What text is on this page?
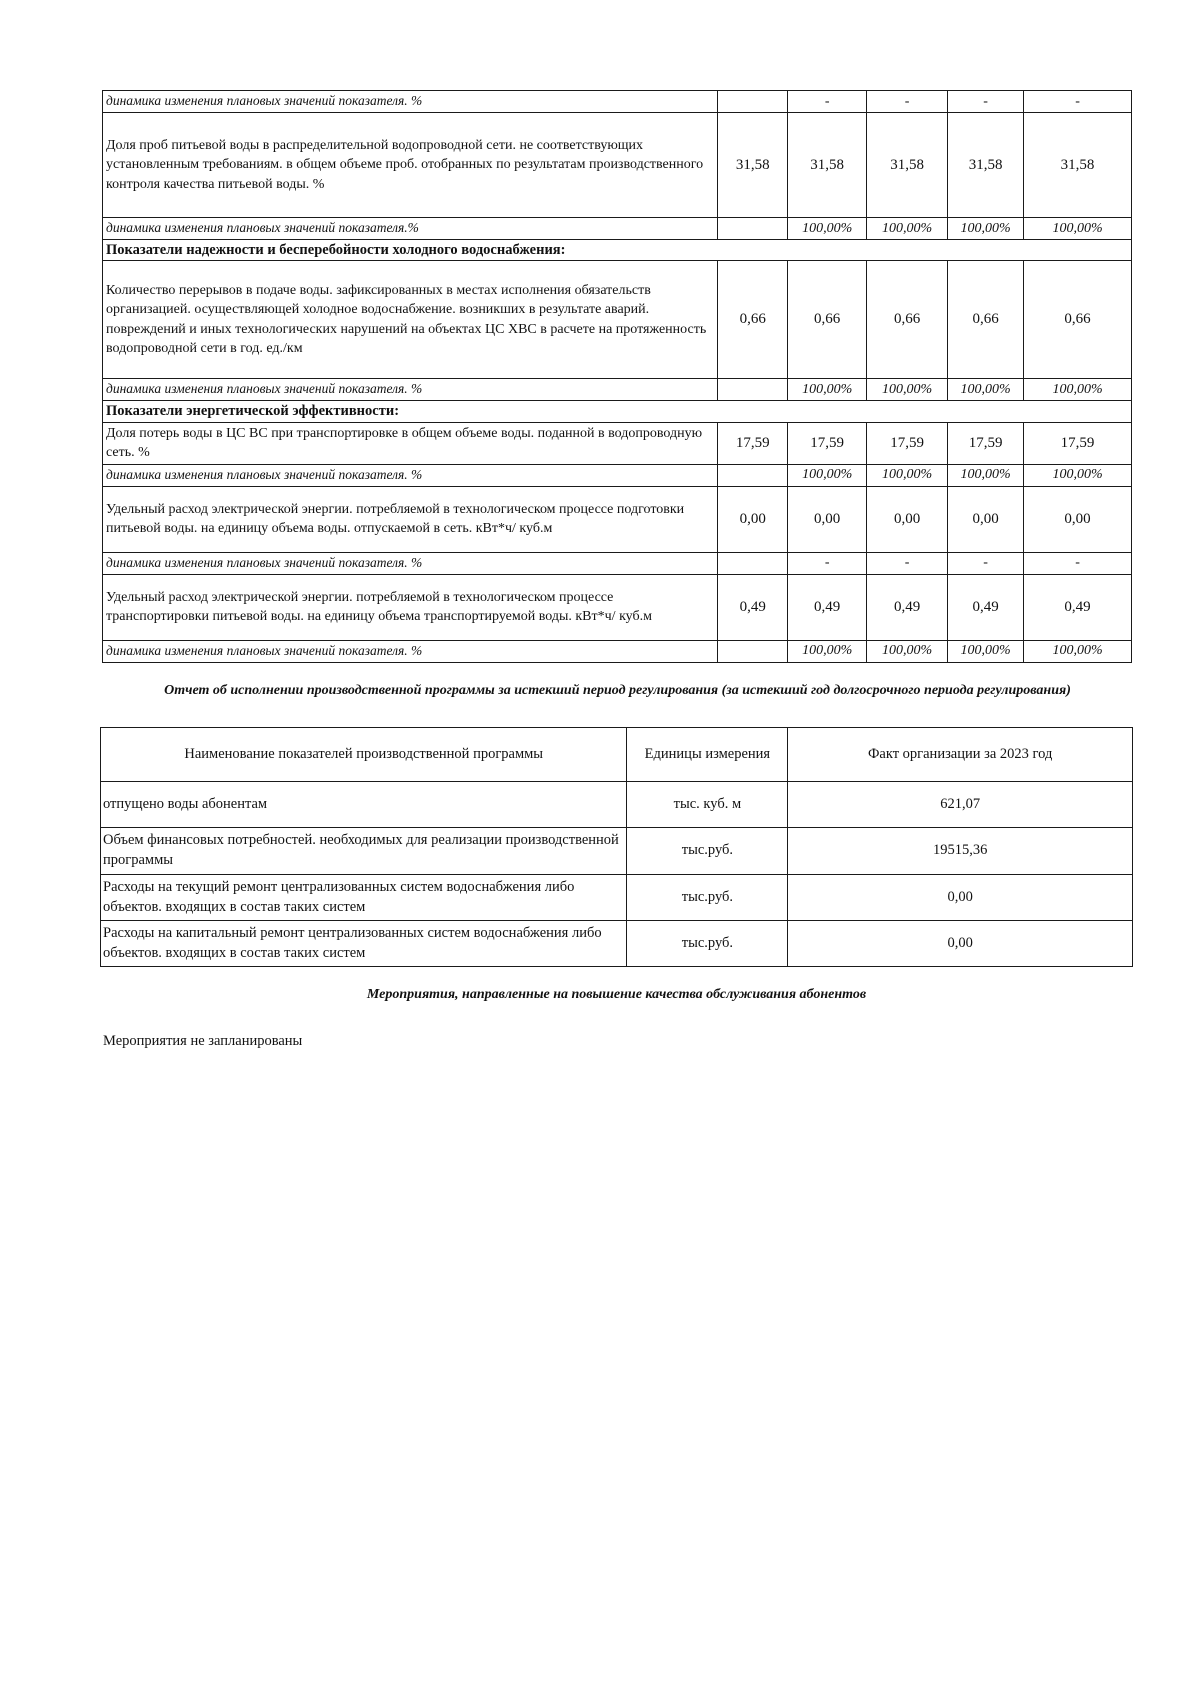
динамика изменения плановых значений показателя. %		-	-	-	-
Доля проб питьевой воды в распределительной водопроводной сети. не соответствующих установленным требованиям. в общем объеме проб. отобранных по результатам производственного контроля качества питьевой воды. %	31,58	31,58	31,58	31,58	31,58
динамика изменения плановых значений показателя.%		100,00%	100,00%	100,00%	100,00%
Показатели надежности и бесперебойности холодного водоснабжения:					
Количество перерывов в подаче воды. зафиксированных в местах исполнения обязательств организацией. осуществляющей холодное водоснабжение. возникших в результате аварий. повреждений и иных технологических нарушений на объектах ЦС ХВС в расчете на протяженность водопроводной сети в год. ед./км	0,66	0,66	0,66	0,66	0,66
динамика изменения плановых значений показателя. %		100,00%	100,00%	100,00%	100,00%
Показатели энергетической эффективности:					
Доля потерь воды в ЦС ВС при транспортировке в общем объеме воды. поданной в водопроводную сеть. %	17,59	17,59	17,59	17,59	17,59
динамика изменения плановых значений показателя. %		100,00%	100,00%	100,00%	100,00%
Удельный расход электрической энергии. потребляемой в технологическом процессе подготовки питьевой воды. на единицу объема воды. отпускаемой в сеть. кВт*ч/ куб.м	0,00	0,00	0,00	0,00	0,00
динамика изменения плановых значений показателя. %		-	-	-	-
Удельный расход электрической энергии. потребляемой в технологическом процессе транспортировки питьевой воды. на единицу объема транспортируемой воды. кВт*ч/ куб.м	0,49	0,49	0,49	0,49	0,49
динамика изменения плановых значений показателя. %		100,00%	100,00%	100,00%	100,00%
Отчет об исполнении производственной программы за истекший период регулирования (за истекший год долгосрочного периода регулирования)
Наименование показателей производственной программы	Единицы измерения	Факт организации за 2023 год
отпущено воды абонентам	тыс. куб. м	621,07
Объем финансовых потребностей. необходимых для реализации производственной программы	тыс.руб.	19515,36
Расходы на текущий ремонт централизованных систем водоснабжения либо объектов. входящих в состав таких систем	тыс.руб.	0,00
Расходы на капитальный ремонт централизованных систем водоснабжения либо объектов. входящих в состав таких систем	тыс.руб.	0,00
Мероприятия, направленные на повышение качества обслуживания абонентов
Мероприятия не запланированы
